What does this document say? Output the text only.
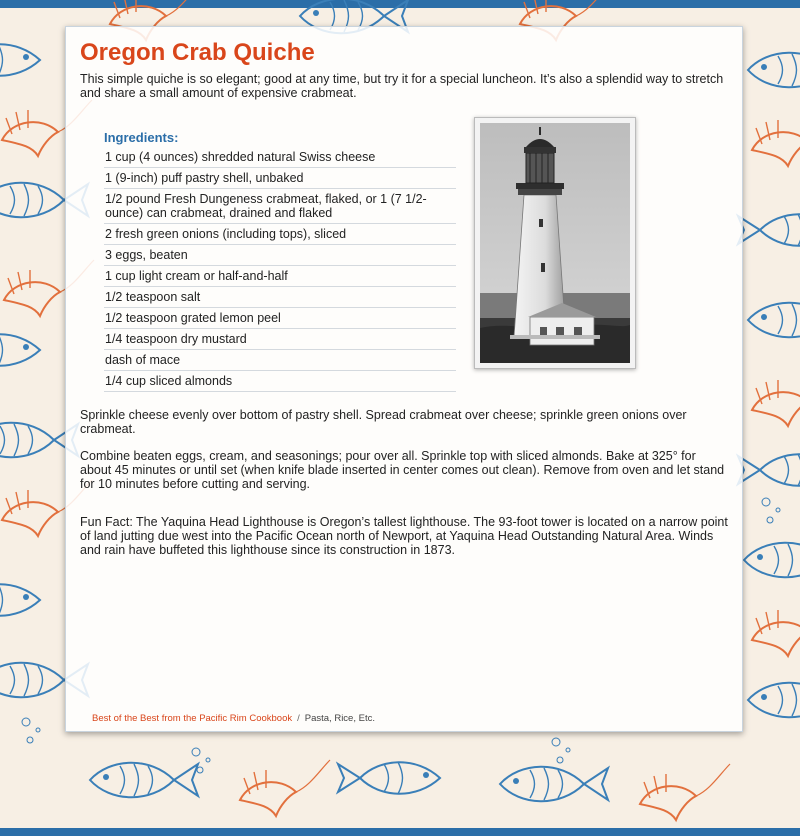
Oregon Crab Quiche

This simple quiche is so elegant; good at any time, but try it for a special luncheon. It’s also a splendid way to stretch and share a small amount of expensive crabmeat.

Ingredients:
1 cup (4 ounces) shredded natural Swiss cheese
1 (9-inch) puff pastry shell, unbaked
1/2 pound Fresh Dungeness crabmeat, flaked, or 1 (7 1/2-ounce) can crabmeat, drained and flaked
2 fresh green onions (including tops), sliced
3 eggs, beaten
1 cup light cream or half-and-half
1/2 teaspoon salt
1/2 teaspoon grated lemon peel
1/4 teaspoon dry mustard
dash of mace
1/4 cup sliced almonds

Sprinkle cheese evenly over bottom of pastry shell. Spread crabmeat over cheese; sprinkle green onions over crabmeat.

Combine beaten eggs, cream, and seasonings; pour over all. Sprinkle top with sliced almonds. Bake at 325° for about 45 minutes or until set (when knife blade inserted in center comes out clean). Remove from oven and let stand for 10 minutes before cutting and serving.

Fun Fact: The Yaquina Head Lighthouse is Oregon’s tallest lighthouse. The 93-foot tower is located on a narrow point of land jutting due west into the Pacific Ocean north of Newport, at Yaquina Head Outstanding Natural Area. Winds and rain have buffeted this lighthouse since its construction in 1873.

Best of the Best from the Pacific Rim Cookbook / Pasta, Rice, Etc.
